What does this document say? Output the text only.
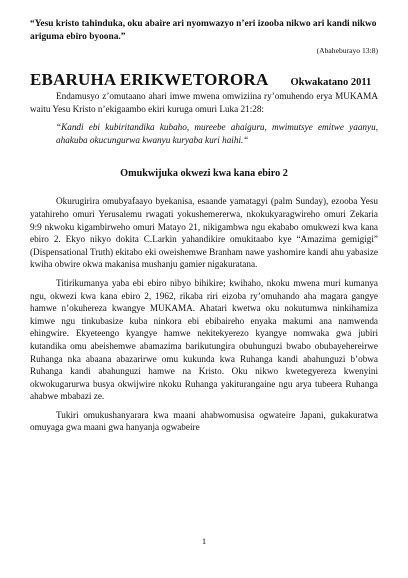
“Yesu kristo tahinduka, oku abaire ari nyomwazyo n’eri izooba nikwo ari kandi nikwo ariguma ebiro byoona.”

(Abaheburayo 13:8)

EBARUHA ERIKWETORORA Okwakatano 2011

Endamusyo z’omutaano ahari imwe mwena omwiziina ry’omuhendo erya MUKAMA waitu Yesu Kristo n’ekigaambo ekiri kuruga omuri Luka 21:28:

“Kandi ebi kubiritandika kubaho, mureebe ahaiguru, mwimutsye emitwe yaanyu, ahakuba okucungurwa kwanyu kuryaba kuri haihi.“

Omukwijuka okwezi kwa kana ebiro 2

Okurugirira omubyafaayo byekanisa, esaande yamatagyi (palm Sunday), ezooba Yesu yatahireho omuri Yerusalemu rwagati yokushemererwa, nkokukyaragwireho omuri Zekaria 9:9 nkwoku kigambirweho omuri Matayo 21, nikigambwa ngu ekababo omukwezi kwa kana ebiro 2. Ekyo nikyo dokita C.Larkin yahandikire omukitaabo kye “Amazima gemigigi” (Dispensational Truth) ekitabo eki oweishemwe Branham nawe yashomire kandi ahu yabasize kwiha obwire okwa makanisa mushanju gamier nigakuratana.

Titirikumanya yaba ebi ebiro nibyo bihikire; kwihaho, nkoku mwena muri kumanya ngu, okwezi kwa kana ebiro 2, 1962, rikaba riri eizoba ry’omuhando aha magara gangye hamwe n’okuhereza kwangye MUKAMA. Ahatari kwetwa oku nokutumwa ninkihamiza kimwe ngu tinkubasize kuba ninkora ebi ebibaireho enyaka makumi ana namwenda ehingwire. Ekyeteengo kyangye hamwe nekitekyerezo kyangye nomwaka gwa jubiri kutandika omu abeishemwe abamazima barikutungira obuhunguzi bwabo obubayehereirwe Ruhanga nka abaana abazarirwe omu kukunda kwa Ruhanga kandi abahunguzi b’obwa Ruhanga kandi abahunguzi hamwe na Kristo. Oku nikwo kwetegyereza kwenyini okwokugarurwa busya okwijwire nkoku Ruhanga yakiturangaine ngu arya tubeera Ruhanga ahabwe mbabazi ze.

Tukiri omukushanyarara kwa maani ahabwomusisa ogwateire Japani, gukakuratwa omuyaga gwa maani gwa hanyanja ogwabeire

1
